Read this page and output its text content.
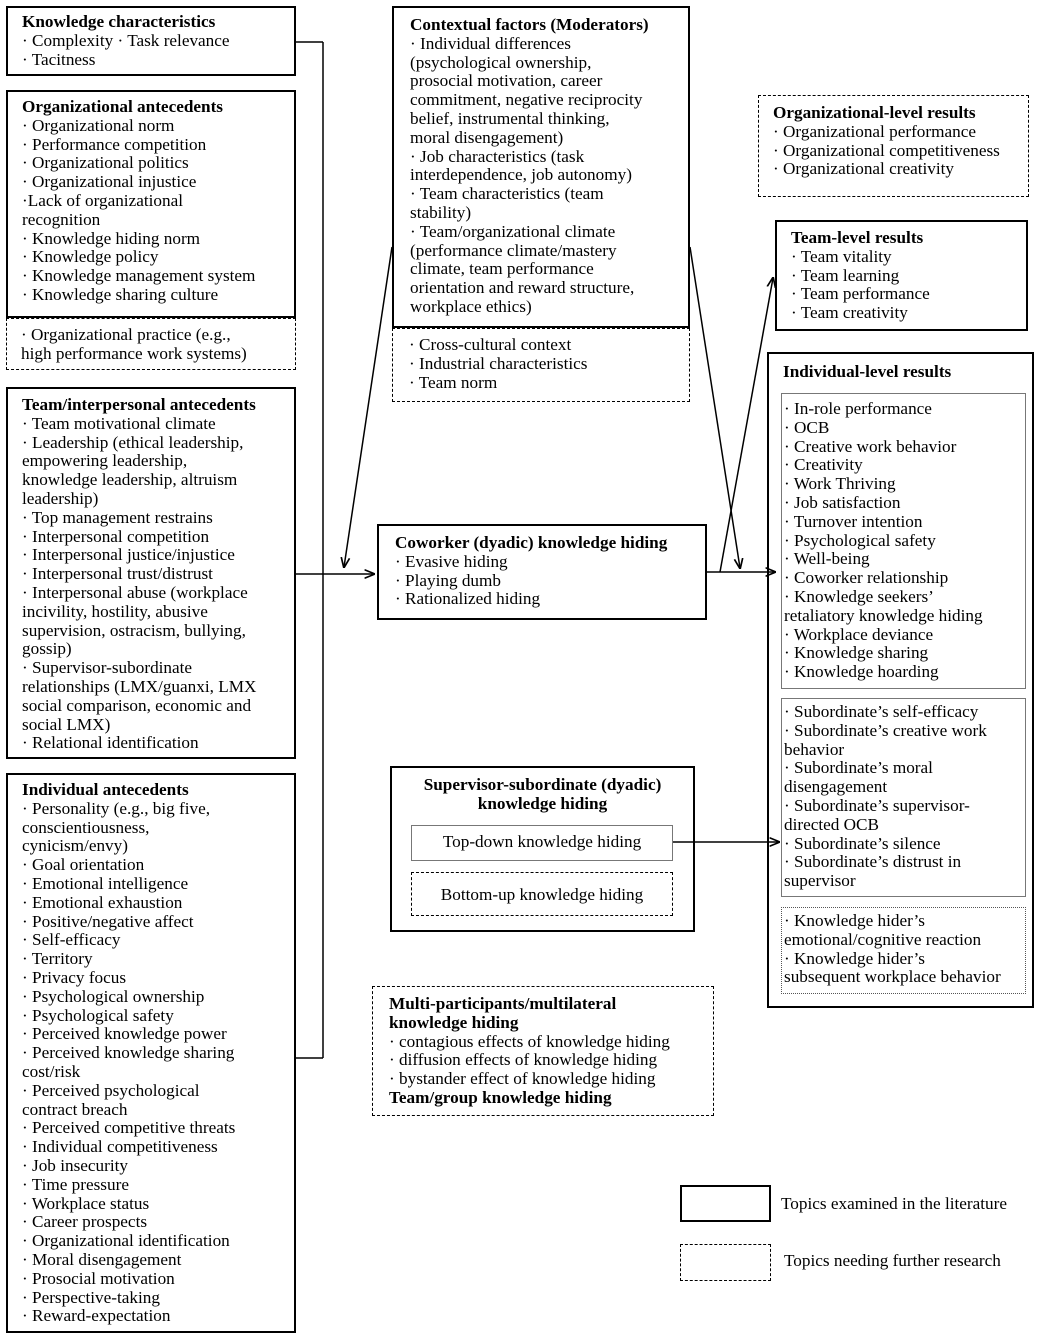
Knowledge characteristics
· Complexity · Task relevance
· Tacitness
Organizational antecedents
· Organizational norm
· Performance competition
· Organizational politics
· Organizational injustice
·Lack of organizational
recognition
· Knowledge hiding norm
· Knowledge policy
· Knowledge management system
· Knowledge sharing culture
· Organizational practice (e.g.,
high performance work systems)
Team/interpersonal antecedents
· Team motivational climate
· Leadership (ethical leadership,
empowering leadership,
knowledge leadership, altruism
leadership)
· Top management restrains
· Interpersonal competition
· Interpersonal justice/injustice
· Interpersonal trust/distrust
· Interpersonal abuse (workplace
incivility, hostility, abusive
supervision, ostracism, bullying,
gossip)
· Supervisor-subordinate
relationships (LMX/guanxi, LMX
social comparison, economic and
social LMX)
· Relational identification
Individual antecedents
· Personality (e.g., big five,
conscientiousness,
cynicism/envy)
· Goal orientation
· Emotional intelligence
· Emotional exhaustion
· Positive/negative affect
· Self-efficacy
· Territory
· Privacy focus
· Psychological ownership
· Psychological safety
· Perceived knowledge power
· Perceived knowledge sharing
cost/risk
· Perceived psychological
contract breach
· Perceived competitive threats
· Individual competitiveness
· Job insecurity
· Time pressure
· Workplace status
· Career prospects
· Organizational identification
· Moral disengagement
· Prosocial motivation
· Perspective-taking
· Reward-expectation
Contextual factors (Moderators)
· Individual differences
(psychological ownership,
prosocial motivation, career
commitment, negative reciprocity
belief, instrumental thinking,
moral disengagement)
· Job characteristics (task
interdependence, job autonomy)
· Team characteristics (team
stability)
· Team/organizational climate
(performance climate/mastery
climate, team performance
orientation and reward structure,
workplace ethics)
· Cross-cultural context
· Industrial characteristics
· Team norm
Coworker (dyadic) knowledge hiding
· Evasive hiding
· Playing dumb
· Rationalized hiding
Supervisor-subordinate (dyadic)
knowledge hiding
Top-down knowledge hiding
Bottom-up knowledge hiding
Multi-participants/multilateral
knowledge hiding
· contagious effects of knowledge hiding
· diffusion effects of knowledge hiding
· bystander effect of knowledge hiding
Team/group knowledge hiding
Organizational-level results
· Organizational performance
· Organizational competitiveness
· Organizational creativity
Team-level results
· Team vitality
· Team learning
· Team performance
· Team creativity
Individual-level results
· In-role performance
· OCB
· Creative work behavior
· Creativity
· Work Thriving
· Job satisfaction
· Turnover intention
· Psychological safety
· Well-being
· Coworker relationship
· Knowledge seekers’
retaliatory knowledge hiding
· Workplace deviance
· Knowledge sharing
· Knowledge hoarding
· Subordinate’s self-efficacy
· Subordinate’s creative work
behavior
· Subordinate’s moral
disengagement
· Subordinate’s supervisor-
directed OCB
· Subordinate’s silence
· Subordinate’s distrust in
supervisor
· Knowledge hider’s
emotional/cognitive reaction
· Knowledge hider’s
subsequent workplace behavior
Topics examined in the literature
Topics needing further research
